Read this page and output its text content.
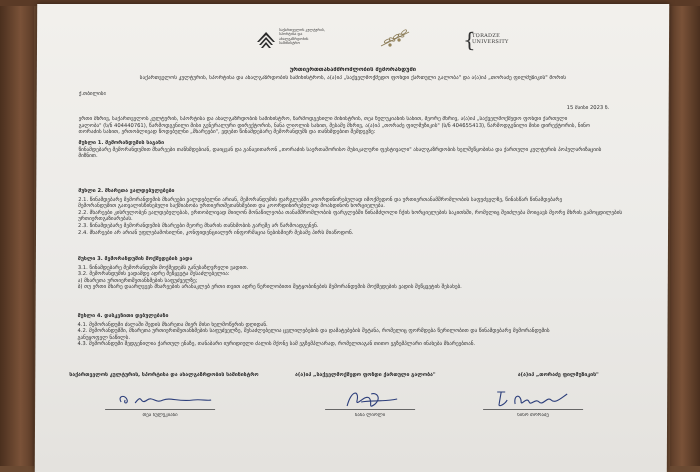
საქართველოს კულტურის, სპორტისა და ახალგაზრდობის სამინისტრო	{
TORADZE UNIVERSITY
ურთიერთთანამშრომლობის მემორანდუმი
საქართველოს კულტურის, სპორტისა და ახალგაზრდობის სამინისტროს, ა(ა)იპ „საქველმოქმედო ფონდი ქართული გალობა" და ა(ა)იპ „თორაძე ფილმუზიკის" შორის
ქ.თბილისი
15 მაისი 2023 წ.
ერთი მხრივ, საქართველოს კულტურის, სპორტისა და ახალგაზრდობის სამინისტრო, წარმოდგენილი მინისტრის, თეა წულუკიანის სახით, მეორე მხრივ, ა(ა)იპ „საქველმოქმედო ფონდი ქართული
გალობა" (ს/ნ 404440761), წარმოდგენილი მისი გენერალური დირექტორის, ნანა ლიოლის სახით, მესამე მხრივ, ა(ა)იპ „თორაძე ფილმუზიკის" (ს/ნ 404655413), წარმოდგენილი მისი დირექტორის, ნინო
თორაძის სახით, ერთობლივად წოდებულნი „მხარეები", ვდებთ წინამდებარე მემორანდუმს და თანხმდებით შემდეგზე:
მუხლი 1. მემორანდუმის საგანი
წინამდებარე მემორანდუმით მხარეები თანხმდებიან, დაიცვან და განავითარონ „თორაძის საერთაშორისო მუსიკალური ფესტივალი" ახალგაზრდობის ხელშეწყობისა და ქართული კულტურის პოპულარიზაციის
მიზნით.
მუხლი 2. მხარეთა ვალდებულებები
2.1. წინამდებარე მემორანდუმის მხარეები ვალდებულნი არიან, მემორანდუმის ფარგლებში კოორდინირებულად იმოქმედონ და ურთიერთანამშრომლობის საფუძველზე, წინასწარ წინამდებარე
მემორანდუმით გათვალისწინებული საქმიანობა ურთიერთშეთანხმებით და კოორდინირებულად მოახდინონ ხორციელება.
2.2. მხარეები კისრულობენ ვალდებულებას, ერთობლივად მიიღონ მონაწილეობა თანამშრომლობის ფარგლებში წინამძღოლი ჩქის ხორციელების საკითხში, რომელიც შეიძლება მოიცავს მეორე მხრის გამოცდილების
ურთიერთგაზიარებას.
2.3. წინამდებარე მემორანდუმის მხარეები მეორე მხარის თანხმობის გარეშე არ წარმოადგენენ.
2.4. მხარეები არ არიან უფლებამოსილნი, კონფიდენციალურ ინფორმაცია ნებისმიერ მესამე პირს მიაწოდონ.
მუხლი 3. მემორანდუმის მოქმედების ვადა
3.1. წინამდებარე მემორანდუმი მოქმედებს განუსაზღვრელი ვადით.
3.2. მემორანდუმის ვადამდე ადრე შეწყვეტა შესაძლებელია:
ა) მხარეთა ურთიერთშეთანხმების საფუძველზე;
ბ) თუ ერთი მხარე დაარღვევს მხარეების არანაკლებ ერთი თვით ადრე წერილობითი შეტყობინების მემორანდუმის მოქმედების ვადის შეწყვეტის შესახებ.
მუხლი 4. დასკვნითი დებულებანი
4.1. მემორანდუმი ძალაში შედის მხარეთა მიერ მისი ხელმოწერის დღიდან.
4.2. მემორანდუმში, მხარეთა ურთიერთშეთანხმების საფუძველზე, შესაძლებელია ცვლილებების და დამატებების შეტანა, რომელიც ფორმდება წერილობით და წინამდებარე მემორანდუმის
განუყოფელ ნაწილს.
4.3. მემორანდუმი შედგენილია ქართულ ენაზე, თანაბარი იურიდიული ძალის მქონე სამ ეგზემპლარად, რომელთაგან თითო ეგზემპლარი ინახება მხარეებთან.
საქართველოს კულტურის, სპორტისა და ახალგაზრდობის სამინისტრო	ა(ა)იპ „საქველმოქმედო ფონდი ქართული გალობა"	ა(ა)იპ „თორაძე ფილმუზიკის"
თეა წულუკიანი	ნანა ლიოლი	ნინო თორაძე
